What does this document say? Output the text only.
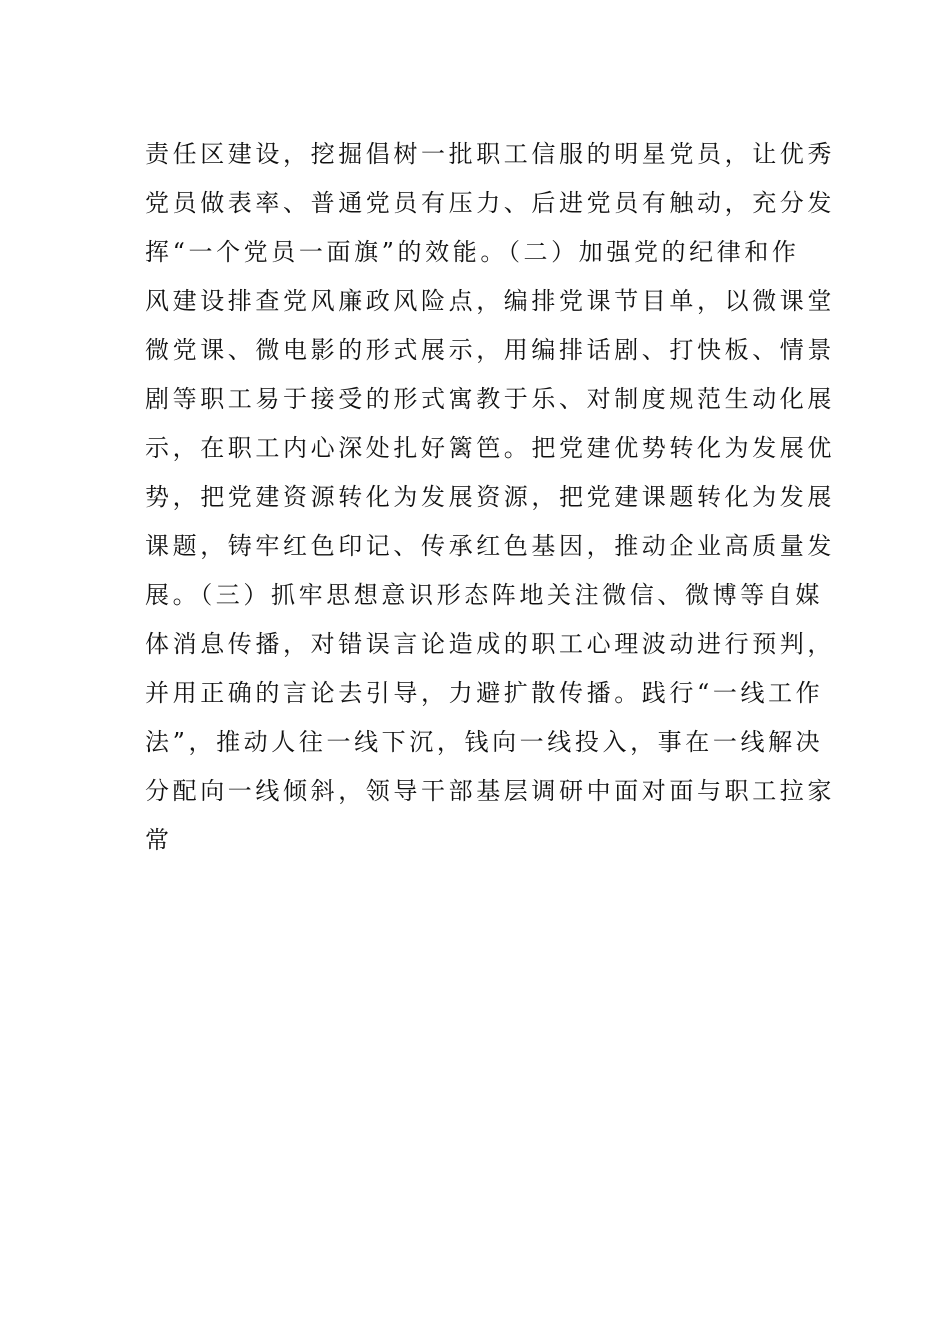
责任区建设，挖掘倡树一批职工信服的明星党员，让优秀
党员做表率、普通党员有压力、后进党员有触动，充分发
挥“一个党员一面旗”的效能。（二）加强党的纪律和作
风建设排查党风廉政风险点，编排党课节目单，以微课堂
微党课、微电影的形式展示，用编排话剧、打快板、情景
剧等职工易于接受的形式寓教于乐、对制度规范生动化展
示，在职工内心深处扎好篱笆。把党建优势转化为发展优
势，把党建资源转化为发展资源，把党建课题转化为发展
课题，铸牢红色印记、传承红色基因，推动企业高质量发
展。（三）抓牢思想意识形态阵地关注微信、微博等自媒
体消息传播，对错误言论造成的职工心理波动进行预判，
并用正确的言论去引导，力避扩散传播。践行“一线工作
法”，推动人往一线下沉，钱向一线投入，事在一线解决
分配向一线倾斜，领导干部基层调研中面对面与职工拉家
常
